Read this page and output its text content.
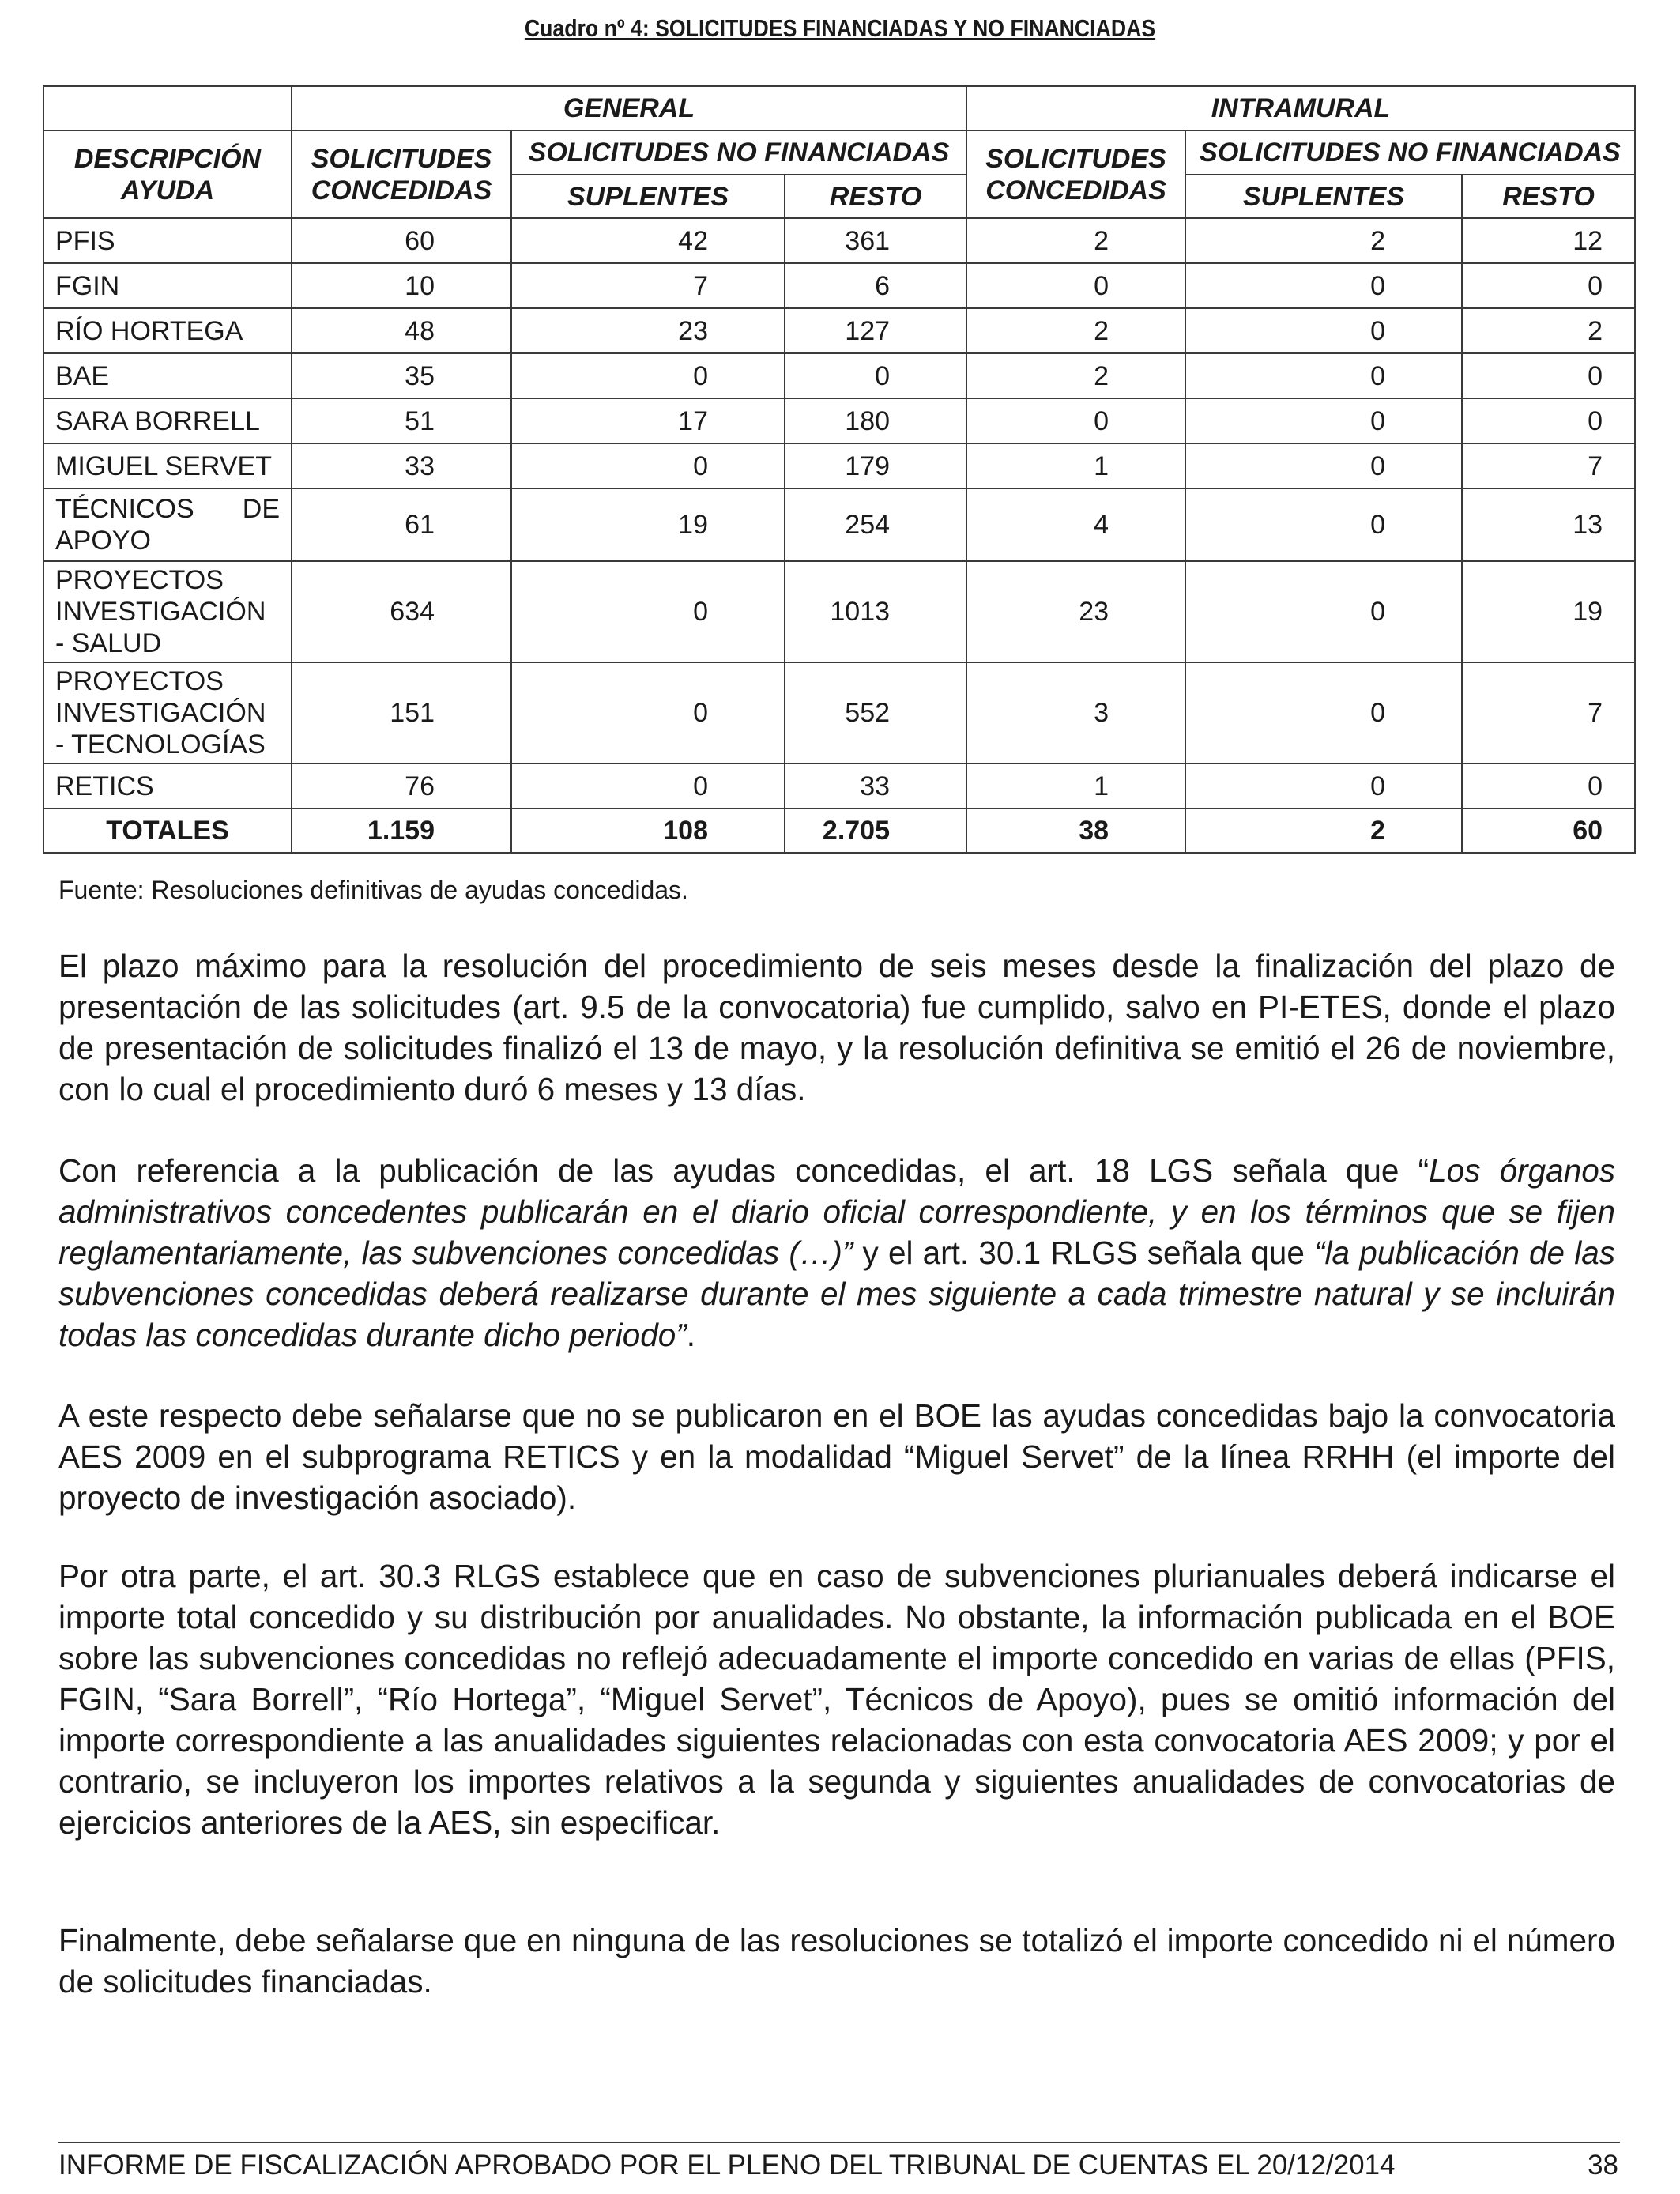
Cuadro nº 4: SOLICITUDES FINANCIADAS Y NO FINANCIADAS
	GENERAL			INTRAMURAL		
DESCRIPCIÓN AYUDA	SOLICITUDES CONCEDIDAS	SOLICITUDES NO FINANCIADAS		SOLICITUDES CONCEDIDAS	SOLICITUDES NO FINANCIADAS	
		SUPLENTES	RESTO		SUPLENTES	RESTO
PFIS	60	42	361	2	2	12
FGIN	10	7	6	0	0	0
RÍO HORTEGA	48	23	127	2	0	2
BAE	35	0	0	2	0	0
SARA BORRELL	51	17	180	0	0	0
MIGUEL SERVET	33	0	179	1	0	7
TÉCNICOS DE APOYO	61	19	254	4	0	13
PROYECTOS INVESTIGACIÓN - SALUD	634	0	1013	23	0	19
PROYECTOS INVESTIGACIÓN - TECNOLOGÍAS	151	0	552	3	0	7
RETICS	76	0	33	1	0	0
TOTALES	1.159	108	2.705	38	2	60
Fuente: Resoluciones definitivas de ayudas concedidas.

El plazo máximo para la resolución del procedimiento de seis meses desde la finalización del plazo de presentación de las solicitudes (art. 9.5 de la convocatoria) fue cumplido, salvo en PI-ETES, donde el plazo de presentación de solicitudes finalizó el 13 de mayo, y la resolución definitiva se emitió el 26 de noviembre, con lo cual el procedimiento duró 6 meses y 13 días.

Con referencia a la publicación de las ayudas concedidas, el art. 18 LGS señala que “Los órganos administrativos concedentes publicarán en el diario oficial correspondiente, y en los términos que se fijen reglamentariamente, las subvenciones concedidas (…)” y el art. 30.1 RLGS señala que “la publicación de las subvenciones concedidas deberá realizarse durante el mes siguiente a cada trimestre natural y se incluirán todas las concedidas durante dicho periodo”.

A este respecto debe señalarse que no se publicaron en el BOE las ayudas concedidas bajo la convocatoria AES 2009 en el subprograma RETICS y en la modalidad “Miguel Servet” de la línea RRHH (el importe del proyecto de investigación asociado).

Por otra parte, el art. 30.3 RLGS establece que en caso de subvenciones plurianuales deberá indicarse el importe total concedido y su distribución por anualidades. No obstante, la información publicada en el BOE sobre las subvenciones concedidas no reflejó adecuadamente el importe concedido en varias de ellas (PFIS, FGIN, “Sara Borrell”, “Río Hortega”, “Miguel Servet”, Técnicos de Apoyo), pues se omitió información del importe correspondiente a las anualidades siguientes relacionadas con esta convocatoria AES 2009; y por el contrario, se incluyeron los importes relativos a la segunda y siguientes anualidades de convocatorias de ejercicios anteriores de la AES, sin especificar.

Finalmente, debe señalarse que en ninguna de las resoluciones se totalizó el importe concedido ni el número de solicitudes financiadas.

INFORME DE FISCALIZACIÓN APROBADO POR EL PLENO DEL TRIBUNAL DE CUENTAS EL 20/12/2014	38
